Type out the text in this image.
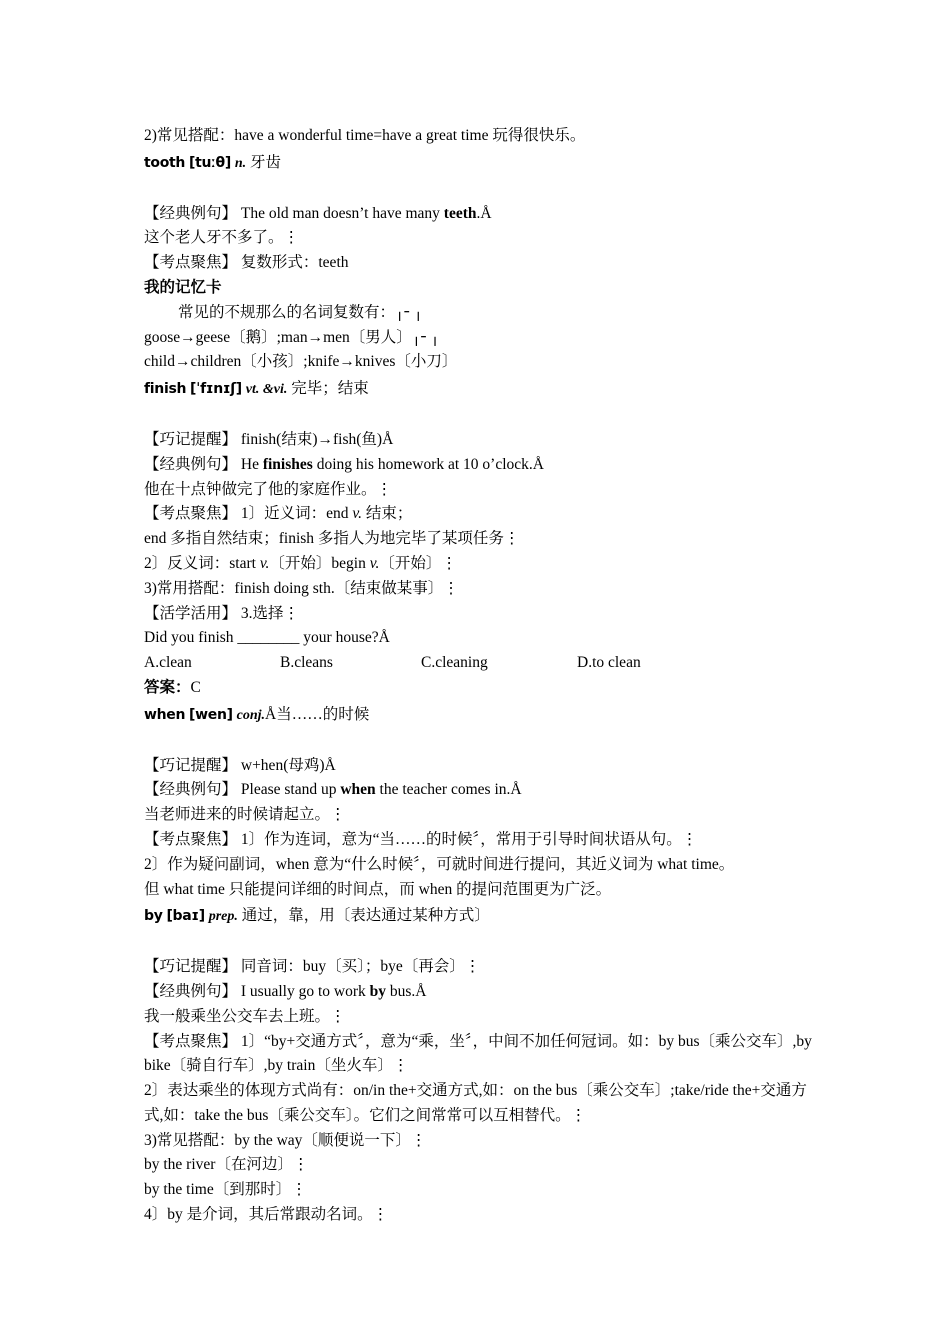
2)常见搭配：have a wonderful time=have a great time 玩得很快乐。
tooth [tuːθ] n. 牙齿
【经典例句】 The old man doesn’t have many teeth.Å
这个老人牙不多了。⋮
【考点聚焦】 复数形式：teeth
我的记忆卡
常见的不规那么的名词复数有：╷╴╷
goose→geese〔鹅〕;man→men〔男人〕╷╴╷
child→children〔小孩〕;knife→knives〔小刀〕
finish [ˈfɪnɪʃ] vt. &vi. 完毕；结束
【巧记提醒】 finish(结束)→fish(鱼)Å
【经典例句】 He finishes doing his homework at 10 o’clock.Å
他在十点钟做完了他的家庭作业。⋮
【考点聚焦】 1〕近义词：end v. 结束；
end 多指自然结束；finish 多指人为地完毕了某项任务⋮
2〕反义词：start v.〔开始〕begin v.〔开始〕⋮
3)常用搭配：finish doing sth.〔结束做某事〕⋮
【活学活用】 3.选择⋮
Did you finish ________ your house?Å
A.clean	B.cleans	C.cleaning	D.to clean
答案：C
when [wen] conj.Å当……的时候
【巧记提醒】 w+hen(母鸡)Å
【经典例句】 Please stand up when the teacher comes in.Å
当老师进来的时候请起立。⋮
【考点聚焦】 1〕作为连词，意为“当……的时候〞，常用于引导时间状语从句。⋮
2〕作为疑问副词，when 意为“什么时候〞，可就时间进行提问，其近义词为 what time。
但 what time 只能提问详细的时间点，而 when 的提问范围更为广泛。
by [baɪ] prep. 通过，靠，用〔表达通过某种方式〕
【巧记提醒】 同音词：buy〔买〕；bye〔再会〕⋮
【经典例句】 I usually go to work by bus.Å
我一般乘坐公交车去上班。⋮
【考点聚焦】 1〕“by+交通方式〞，意为“乘，坐〞，中间不加任何冠词。如：by bus〔乘公交车〕,by bike〔骑自行车〕,by train〔坐火车〕⋮
2〕表达乘坐的体现方式尚有：on/in the+交通方式,如：on the bus〔乘公交车〕;take/ride the+交通方式,如：take the bus〔乘公交车〕。它们之间常常可以互相替代。⋮
3)常见搭配：by the way〔顺便说一下〕⋮
by the river〔在河边〕⋮
by the time〔到那时〕⋮
4〕by 是介词，其后常跟动名词。⋮
